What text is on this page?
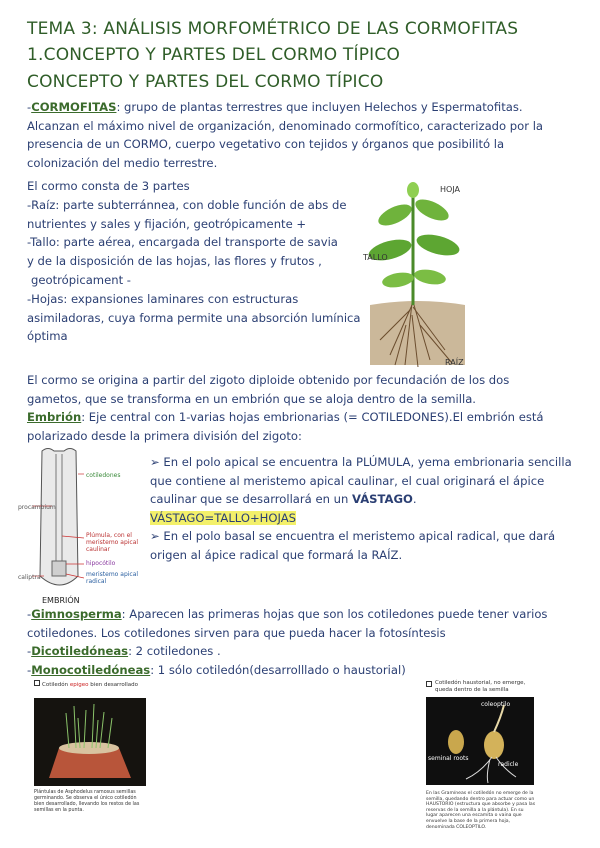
TEMA 3: ANÁLISIS MORFOMÉTRICO DE LAS CORMOFITAS
1.CONCEPTO Y PARTES DEL CORMO TÍPICO
CONCEPTO Y PARTES DEL CORMO TÍPICO
-CORMOFITAS: grupo de plantas terrestres que incluyen Helechos y Espermatofitas.
Alcanzan el máximo nivel de organización, denominado cormofítico, caracterizado por la
presencia de un CORMO, cuerpo vegetativo con tejidos y órganos que posibilitó la
colonización del medio terrestre.
El cormo consta de 3 partes
-Raíz: parte subterránnea, con doble función de abs de
nutrientes y sales y fijación, geotrópicamente +
-Tallo: parte aérea, encargada del transporte de savia
y de la disposición de las hojas, las flores y frutos ,
geotrópicament -
-Hojas: expansiones laminares con estructuras
asimiladoras, cuya forma permite una absorción lumínica
óptima
HOJA
TALLO
RAÍZ
El cormo se origina a partir del zigoto diploide obtenido por fecundación de los dos
gametos, que se transforma en un embrión que se aloja dentro de la semilla.
Embrión: Eje central con 1-varias hojas embrionarias (= COTILEDONES).El embrión está
polarizado desde la primera división del zigoto:
cotiledones
procambium
Plúmula, con el meristemo apical caulinar
hipocótilo
caliptra	meristemo apical radical
EMBRIÓN
➢ En el polo apical se encuentra la PLÚMULA, yema embrionaria sencilla
que contiene al meristemo apical caulinar, el cual originará el ápice
caulinar que se desarrollará en un VÁSTAGO.
VÁSTAGO=TALLO+HOJAS
➢ En el polo basal se encuentra el meristemo apical radical, que dará
origen al ápice radical que formará la RAÍZ.
-Gimnosperma: Aparecen las primeras hojas que son los cotiledones puede tener varios
cotiledones. Los cotiledones sirven para que pueda hacer la fotosíntesis
-Dicotiledóneas: 2 cotiledones .
-Monocotiledóneas: 1 sólo cotiledón(desarrolllado o haustorial)
Cotiledón epigeo bien desarrollado
Plántulas de Asphodelus ramosus semillas germinando. Se observa el único cotiledón bien desarrollado, llevando los restos de las semillas en la punta.
Cotiledón haustorial, no emerge, queda dentro de la semilla
coleoptilo
seminal roots
radicle
En las Gramíneas el cotiledón no emerge de la semilla, quedando dentro para actuar como un HAUSTORIO (estructura que absorbe y pasa las reservas de la semilla a la plántula). En su lugar aparecen una escamita o vaina que envuelve la base de la primera hoja, denominada COLEOPTILO.
